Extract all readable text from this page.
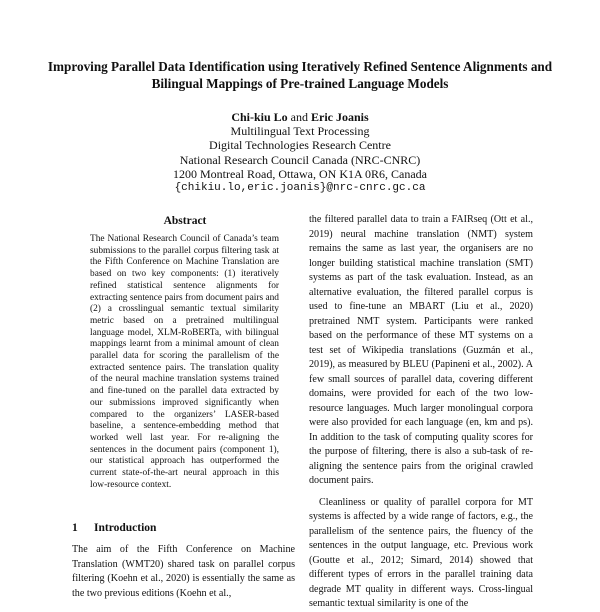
Improving Parallel Data Identification using Iteratively Refined Sentence Alignments and Bilingual Mappings of Pre-trained Language Models
Chi-kiu Lo and Eric Joanis
Multilingual Text Processing
Digital Technologies Research Centre
National Research Council Canada (NRC-CNRC)
1200 Montreal Road, Ottawa, ON K1A 0R6, Canada
{chikiu.lo,eric.joanis}@nrc-cnrc.gc.ca
Abstract

The National Research Council of Canada’s team submissions to the parallel corpus filtering task at the Fifth Conference on Machine Translation are based on two key components: (1) iteratively refined statistical sentence alignments for extracting sentence pairs from document pairs and (2) a crosslingual semantic textual similarity metric based on a pretrained multilingual language model, XLM-RoBERTa, with bilingual mappings learnt from a minimal amount of clean parallel data for scoring the parallelism of the extracted sentence pairs. The translation quality of the neural machine translation systems trained and fine-tuned on the parallel data extracted by our submissions improved significantly when compared to the organizers’ LASER-based baseline, a sentence-embedding method that worked well last year. For re-aligning the sentences in the document pairs (component 1), our statistical approach has outperformed the current state-of-the-art neural approach in this low-resource context.

1 Introduction

The aim of the Fifth Conference on Machine Translation (WMT20) shared task on parallel corpus filtering (Koehn et al., 2020) is essentially the same as the two previous editions (Koehn et al.,

the filtered parallel data to train a FAIRseq (Ott et al., 2019) neural machine translation (NMT) system remains the same as last year, the organisers are no longer building statistical machine translation (SMT) systems as part of the task evaluation. Instead, as an alternative evaluation, the filtered parallel corpus is used to fine-tune an MBART (Liu et al., 2020) pretrained NMT system. Participants were ranked based on the performance of these MT systems on a test set of Wikipedia translations (Guzmán et al., 2019), as measured by BLEU (Papineni et al., 2002). A few small sources of parallel data, covering different domains, were provided for each of the two low-resource languages. Much larger monolingual corpora were also provided for each language (en, km and ps). In addition to the task of computing quality scores for the purpose of filtering, there is also a sub-task of re-aligning the sentence pairs from the original crawled document pairs.

Cleanliness or quality of parallel corpora for MT systems is affected by a wide range of factors, e.g., the parallelism of the sentence pairs, the fluency of the sentences in the output language, etc. Previous work (Goutte et al., 2012; Simard, 2014) showed that different types of errors in the parallel training data degrade MT quality in different ways. Cross-lingual semantic textual similarity is one of the
